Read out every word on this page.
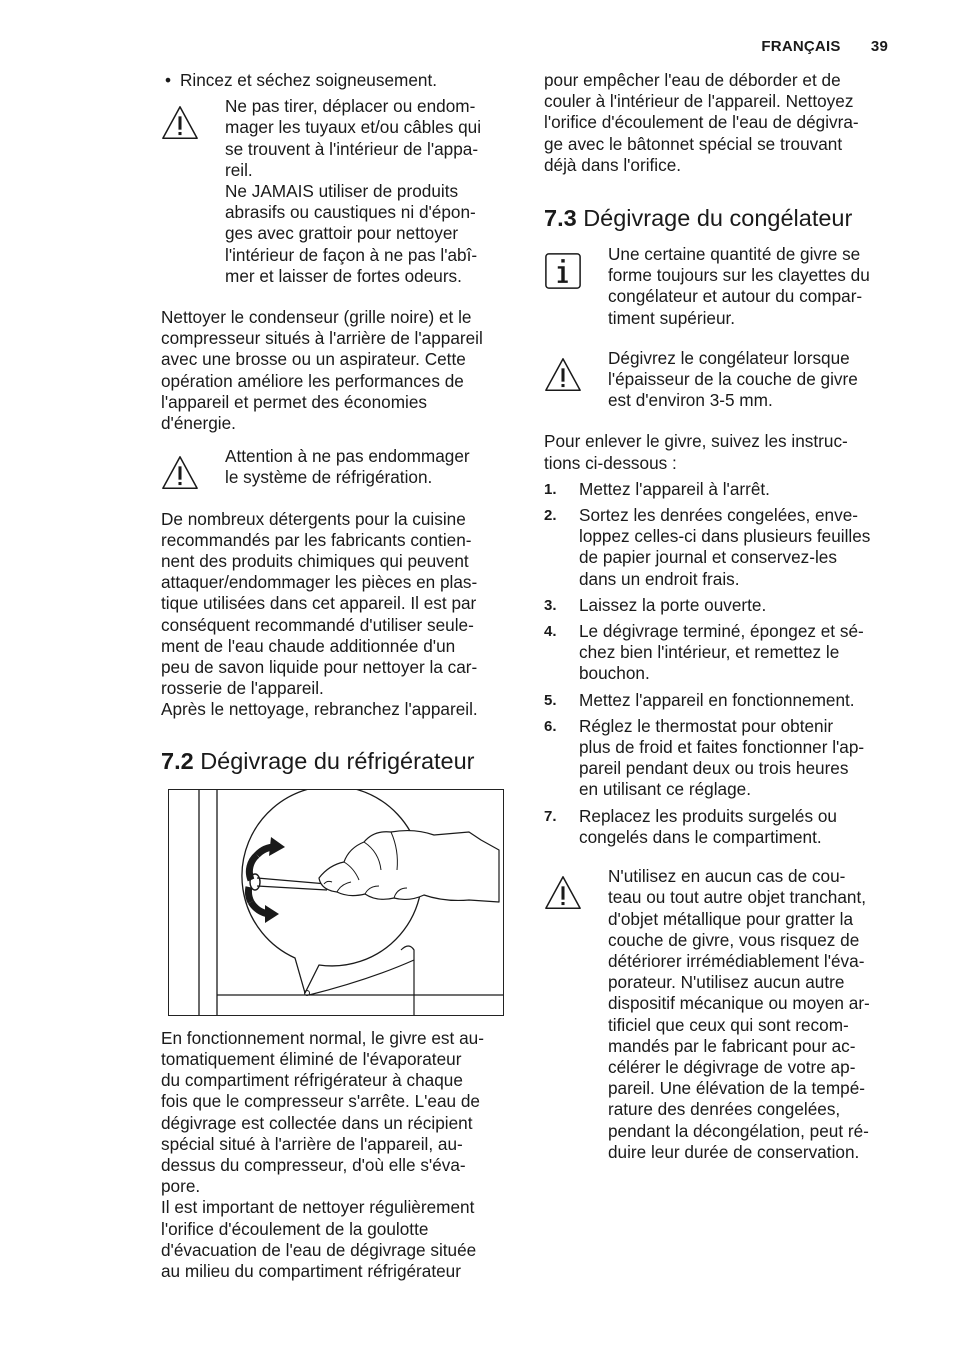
FRANÇAIS 39

• Rincez et séchez soigneusement.

Ne pas tirer, déplacer ou endom-
mager les tuyaux et/ou câbles qui
se trouvent à l'intérieur de l'appa-
reil.
Ne JAMAIS utiliser de produits
abrasifs ou caustiques ni d'épon-
ges avec grattoir pour nettoyer
l'intérieur de façon à ne pas l'abî-
mer et laisser de fortes odeurs.

Nettoyer le condenseur (grille noire) et le
compresseur situés à l'arrière de l'appareil
avec une brosse ou un aspirateur. Cette
opération améliore les performances de
l'appareil et permet des économies
d'énergie.

Attention à ne pas endommager
le système de réfrigération.

De nombreux détergents pour la cuisine
recommandés par les fabricants contien-
nent des produits chimiques qui peuvent
attaquer/endommager les pièces en plas-
tique utilisées dans cet appareil. Il est par
conséquent recommandé d'utiliser seule-
ment de l'eau chaude additionnée d'un
peu de savon liquide pour nettoyer la car-
rosserie de l'appareil.
Après le nettoyage, rebranchez l'appareil.

7.2 Dégivrage du réfrigérateur

En fonctionnement normal, le givre est au-
tomatiquement éliminé de l'évaporateur
du compartiment réfrigérateur à chaque
fois que le compresseur s'arrête. L'eau de
dégivrage est collectée dans un récipient
spécial situé à l'arrière de l'appareil, au-
dessus du compresseur, d'où elle s'éva-
pore.
Il est important de nettoyer régulièrement
l'orifice d'écoulement de la goulotte
d'évacuation de l'eau de dégivrage située
au milieu du compartiment réfrigérateur

pour empêcher l'eau de déborder et de
couler à l'intérieur de l'appareil. Nettoyez
l'orifice d'écoulement de l'eau de dégivra-
ge avec le bâtonnet spécial se trouvant
déjà dans l'orifice.

7.3 Dégivrage du congélateur

Une certaine quantité de givre se
forme toujours sur les clayettes du
congélateur et autour du compar-
timent supérieur.

Dégivrez le congélateur lorsque
l'épaisseur de la couche de givre
est d'environ 3-5 mm.

Pour enlever le givre, suivez les instruc-
tions ci-dessous :

1. Mettez l'appareil à l'arrêt.
2. Sortez les denrées congelées, enve-
loppez celles-ci dans plusieurs feuilles
de papier journal et conservez-les
dans un endroit frais.
3. Laissez la porte ouverte.
4. Le dégivrage terminé, épongez et sé-
chez bien l'intérieur, et remettez le
bouchon.
5. Mettez l'appareil en fonctionnement.
6. Réglez le thermostat pour obtenir
plus de froid et faites fonctionner l'ap-
pareil pendant deux ou trois heures
en utilisant ce réglage.
7. Replacez les produits surgelés ou
congelés dans le compartiment.

N'utilisez en aucun cas de cou-
teau ou tout autre objet tranchant,
d'objet métallique pour gratter la
couche de givre, vous risquez de
détériorer irrémédiablement l'éva-
porateur. N'utilisez aucun autre
dispositif mécanique ou moyen ar-
tificiel que ceux qui sont recom-
mandés par le fabricant pour ac-
célérer le dégivrage de votre ap-
pareil. Une élévation de la tempé-
rature des denrées congelées,
pendant la décongélation, peut ré-
duire leur durée de conservation.
